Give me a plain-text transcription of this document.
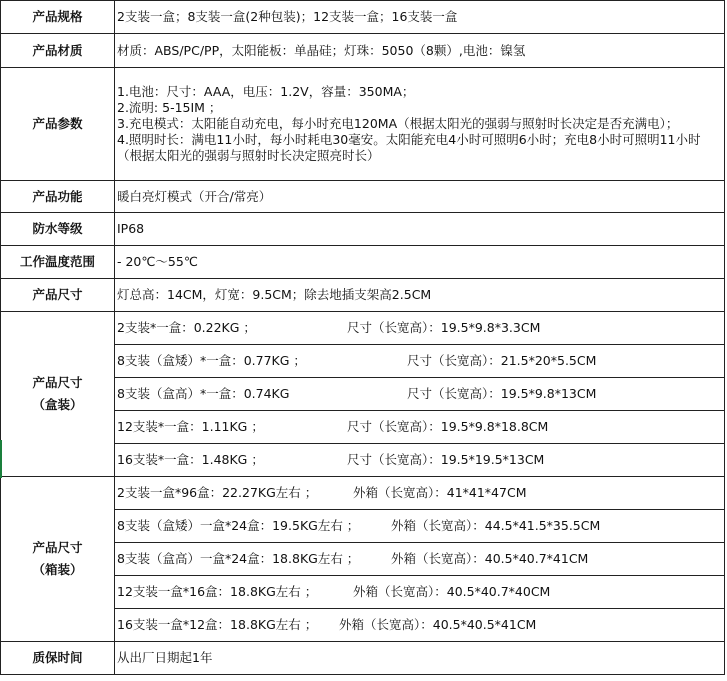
产品规格	2支装一盒；8支装一盒(2种包装)；12支装一盒；16支装一盒
产品材质	材质：ABS/PC/PP，太阳能板：单晶硅；灯珠：5050（8颗）,电池：镍氢
产品参数	1.电池：尺寸：AAA，电压：1.2V，容量：350MA；
2.流明: 5-15IM ；
3.充电模式：太阳能自动充电，每小时充电120MA（根据太阳光的强弱与照射时长决定是否充满电）；
4.照明时长：满电11小时，每小时耗电30毫安。太阳能充电4小时可照明6小时；充电8小时可照明11小时
（根据太阳光的强弱与照射时长决定照亮时长）

产品功能	暖白亮灯模式（开合/常亮）
防水等级	IP68
工作温度范围	- 20℃～55℃
产品尺寸	灯总高：14CM，灯宽：9.5CM；除去地插支架高2.5CM

产品尺寸
（盒装）	2支装*一盒：0.22KG ； 尺寸（长宽高）：19.5*9.8*3.3CM
	8支装（盒矮）*一盒：0.77KG ； 尺寸（长宽高）：21.5*20*5.5CM
	8支装（盒高）*一盒：0.74KG 尺寸（长宽高）：19.5*9.8*13CM
	12支装*一盒：1.11KG ； 尺寸（长宽高）：19.5*9.8*18.8CM
	16支装*一盒：1.48KG ； 尺寸（长宽高）：19.5*19.5*13CM

产品尺寸
（箱装）	2支装一盒*96盒：22.27KG左右 ； 外箱（长宽高）：41*41*47CM
	8支装（盒矮）一盒*24盒：19.5KG左右 ； 外箱（长宽高）：44.5*41.5*35.5CM
	8支装（盒高）一盒*24盒：18.8KG左右 ； 外箱（长宽高）：40.5*40.7*41CM
	12支装一盒*16盒：18.8KG左右 ； 外箱（长宽高）：40.5*40.7*40CM
	16支装一盒*12盒：18.8KG左右 ； 外箱（长宽高）：40.5*40.5*41CM
质保时间	从出厂日期起1年
